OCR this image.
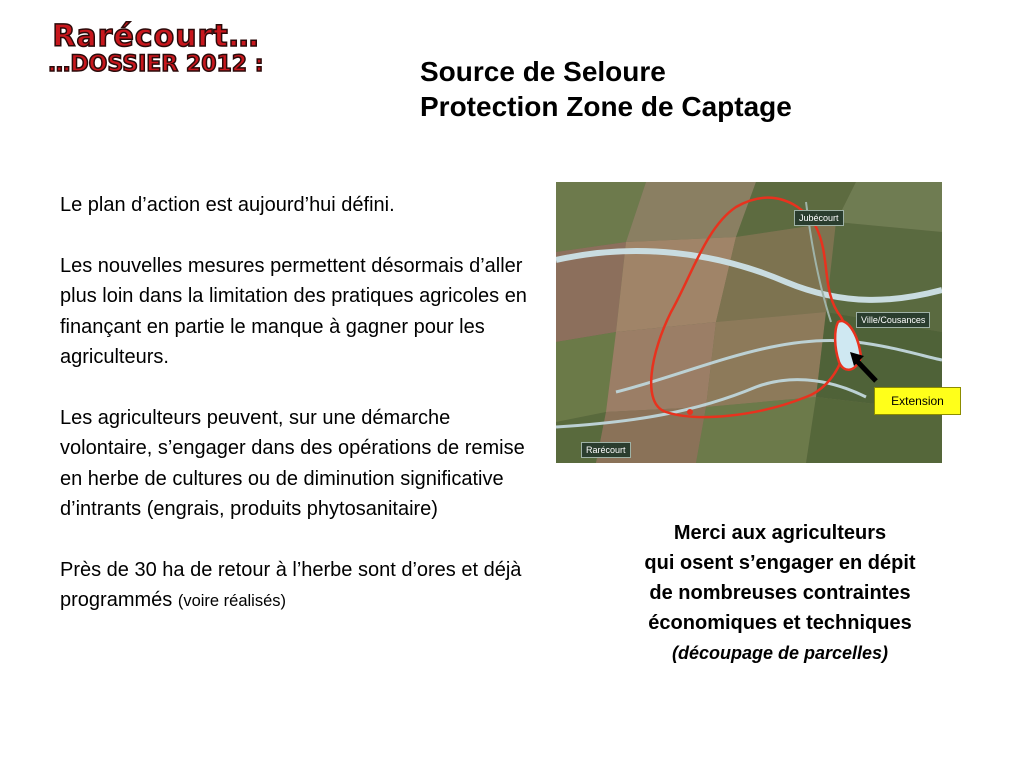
Rarécourt…
…DOSSIER 2012 :	Source de Seloure
Protection Zone de Captage

Le plan d’action est aujourd’hui défini.

Les nouvelles mesures permettent désormais d’aller plus loin dans la limitation des pratiques agricoles en finançant en partie le manque à gagner pour les agriculteurs.

Les agriculteurs peuvent, sur une démarche volontaire, s’engager dans des opérations de remise en herbe de cultures ou de diminution significative d’intrants (engrais, produits phytosanitaire)

Près de 30 ha de retour à l’herbe sont d’ores et déjà programmés (voire réalisés)

Jubécourt
Ville/Cousances
Rarécourt
Extension
Merci aux agriculteurs
qui osent s’engager en dépit
de nombreuses contraintes
économiques et techniques
(découpage de parcelles)
